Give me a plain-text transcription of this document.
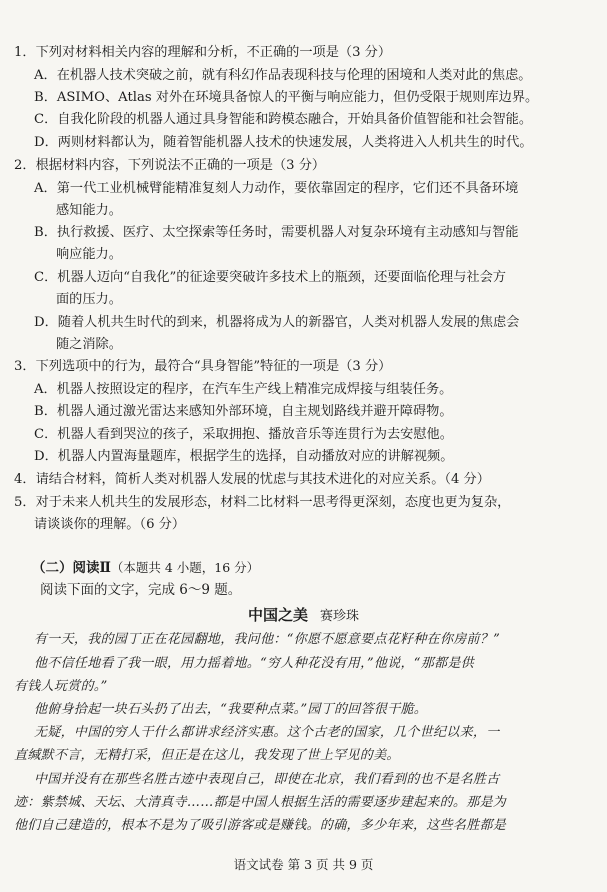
1．下列对材料相关内容的理解和分析，不正确的一项是（3 分）
A．在机器人技术突破之前，就有科幻作品表现科技与伦理的困境和人类对此的焦虑。
B．ASIMO、Atlas 对外在环境具备惊人的平衡与响应能力，但仍受限于规则库边界。
C．自我化阶段的机器人通过具身智能和跨模态融合，开始具备价值智能和社会智能。
D．两则材料都认为，随着智能机器人技术的快速发展，人类将进入人机共生的时代。
2．根据材料内容，下列说法不正确的一项是（3 分）
A．第一代工业机械臂能精准复刻人力动作，要依靠固定的程序，它们还不具备环境
感知能力。
B．执行救援、医疗、太空探索等任务时，需要机器人对复杂环境有主动感知与智能
响应能力。
C．机器人迈向“自我化”的征途要突破许多技术上的瓶颈，还要面临伦理与社会方
面的压力。
D．随着人机共生时代的到来，机器将成为人的新器官，人类对机器人发展的焦虑会
随之消除。
3．下列选项中的行为，最符合“具身智能”特征的一项是（3 分）
A．机器人按照设定的程序，在汽车生产线上精准完成焊接与组装任务。
B．机器人通过激光雷达来感知外部环境，自主规划路线并避开障碍物。
C．机器人看到哭泣的孩子，采取拥抱、播放音乐等连贯行为去安慰他。
D．机器人内置海量题库，根据学生的选择，自动播放对应的讲解视频。
4．请结合材料，简析人类对机器人发展的忧虑与其技术进化的对应关系。（4 分）
5．对于未来人机共生的发展形态，材料二比材料一思考得更深刻，态度也更为复杂，
请谈谈你的理解。（6 分）
（二）阅读Ⅱ（本题共 4 小题，16 分）
阅读下面的文字，完成 6～9 题。
中国之美 赛珍珠
有一天，我的园丁正在花园翻地，我问他：“你愿不愿意要点花籽种在你房前？”
他不信任地看了我一眼，用力摇着地。“穷人种花没有用，”他说，“那都是供
有钱人玩赏的。”
他俯身拾起一块石头扔了出去，“我要种点菜。”园丁的回答很干脆。
无疑，中国的穷人干什么都讲求经济实惠。这个古老的国家，几个世纪以来，一
直缄默不言，无精打采，但正是在这儿，我发现了世上罕见的美。
中国并没有在那些名胜古迹中表现自己，即使在北京，我们看到的也不是名胜古
迹：紫禁城、天坛、大清真寺……都是中国人根据生活的需要逐步建起来的。那是为
他们自己建造的，根本不是为了吸引游客或是赚钱。的确，多少年来，这些名胜都是
语文试卷 第 3 页 共 9 页
